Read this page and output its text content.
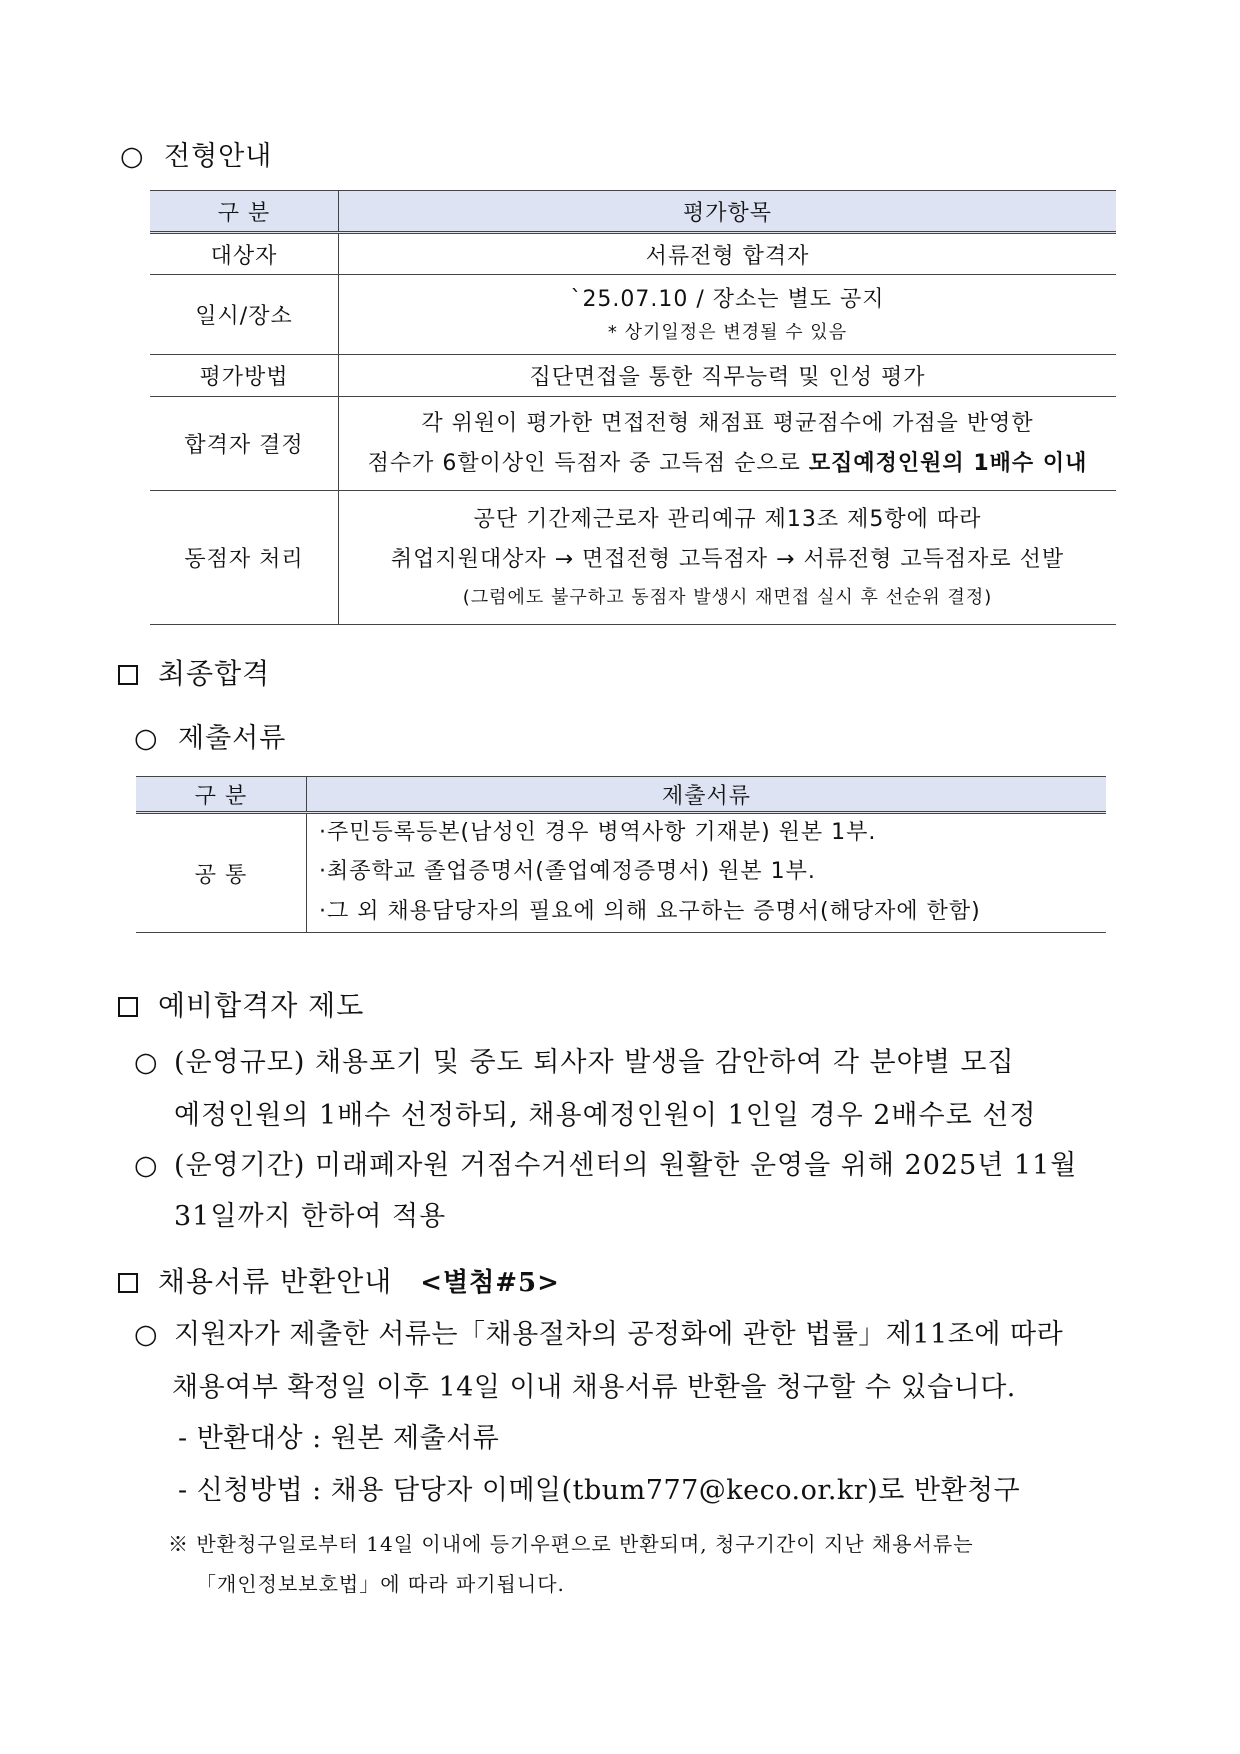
○ 전형안내
구 분	평가항목
대상자	서류전형 합격자
일시/장소	`25.07.10 / 장소는 별도 공지
* 상기일정은 변경될 수 있음

평가방법	집단면접을 통한 직무능력 및 인성 평가
합격자 결정	각 위원이 평가한 면접전형 채점표 평균점수에 가점을 반영한
점수가 6할이상인 득점자 중 고득점 순으로 모집예정인원의 1배수 이내

동점자 처리	공단 기간제근로자 관리예규 제13조 제5항에 따라
취업지원대상자 → 면접전형 고득점자 → 서류전형 고득점자로 선발
(그럼에도 불구하고 동점자 발생시 재면접 실시 후 선순위 결정)
최종합격
○ 제출서류
구 분	제출서류
공 통	·주민등록등본(남성인 경우 병역사항 기재분) 원본 1부.
·최종학교 졸업증명서(졸업예정증명서) 원본 1부.
·그 외 채용담당자의 필요에 의해 요구하는 증명서(해당자에 한함)
예비합격자 제도
○ (운영규모) 채용포기 및 중도 퇴사자 발생을 감안하여 각 분야별 모집
예정인원의 1배수 선정하되, 채용예정인원이 1인일 경우 2배수로 선정
○ (운영기간) 미래폐자원 거점수거센터의 원활한 운영을 위해 2025년 11월
31일까지 한하여 적용
채용서류 반환안내 <별첨#5>
○ 지원자가 제출한 서류는「채용절차의 공정화에 관한 법률」제11조에 따라
채용여부 확정일 이후 14일 이내 채용서류 반환을 청구할 수 있습니다.
- 반환대상 : 원본 제출서류
- 신청방법 : 채용 담당자 이메일(tbum777@keco.or.kr)로 반환청구
※ 반환청구일로부터 14일 이내에 등기우편으로 반환되며, 청구기간이 지난 채용서류는
「개인정보보호법」에 따라 파기됩니다.
